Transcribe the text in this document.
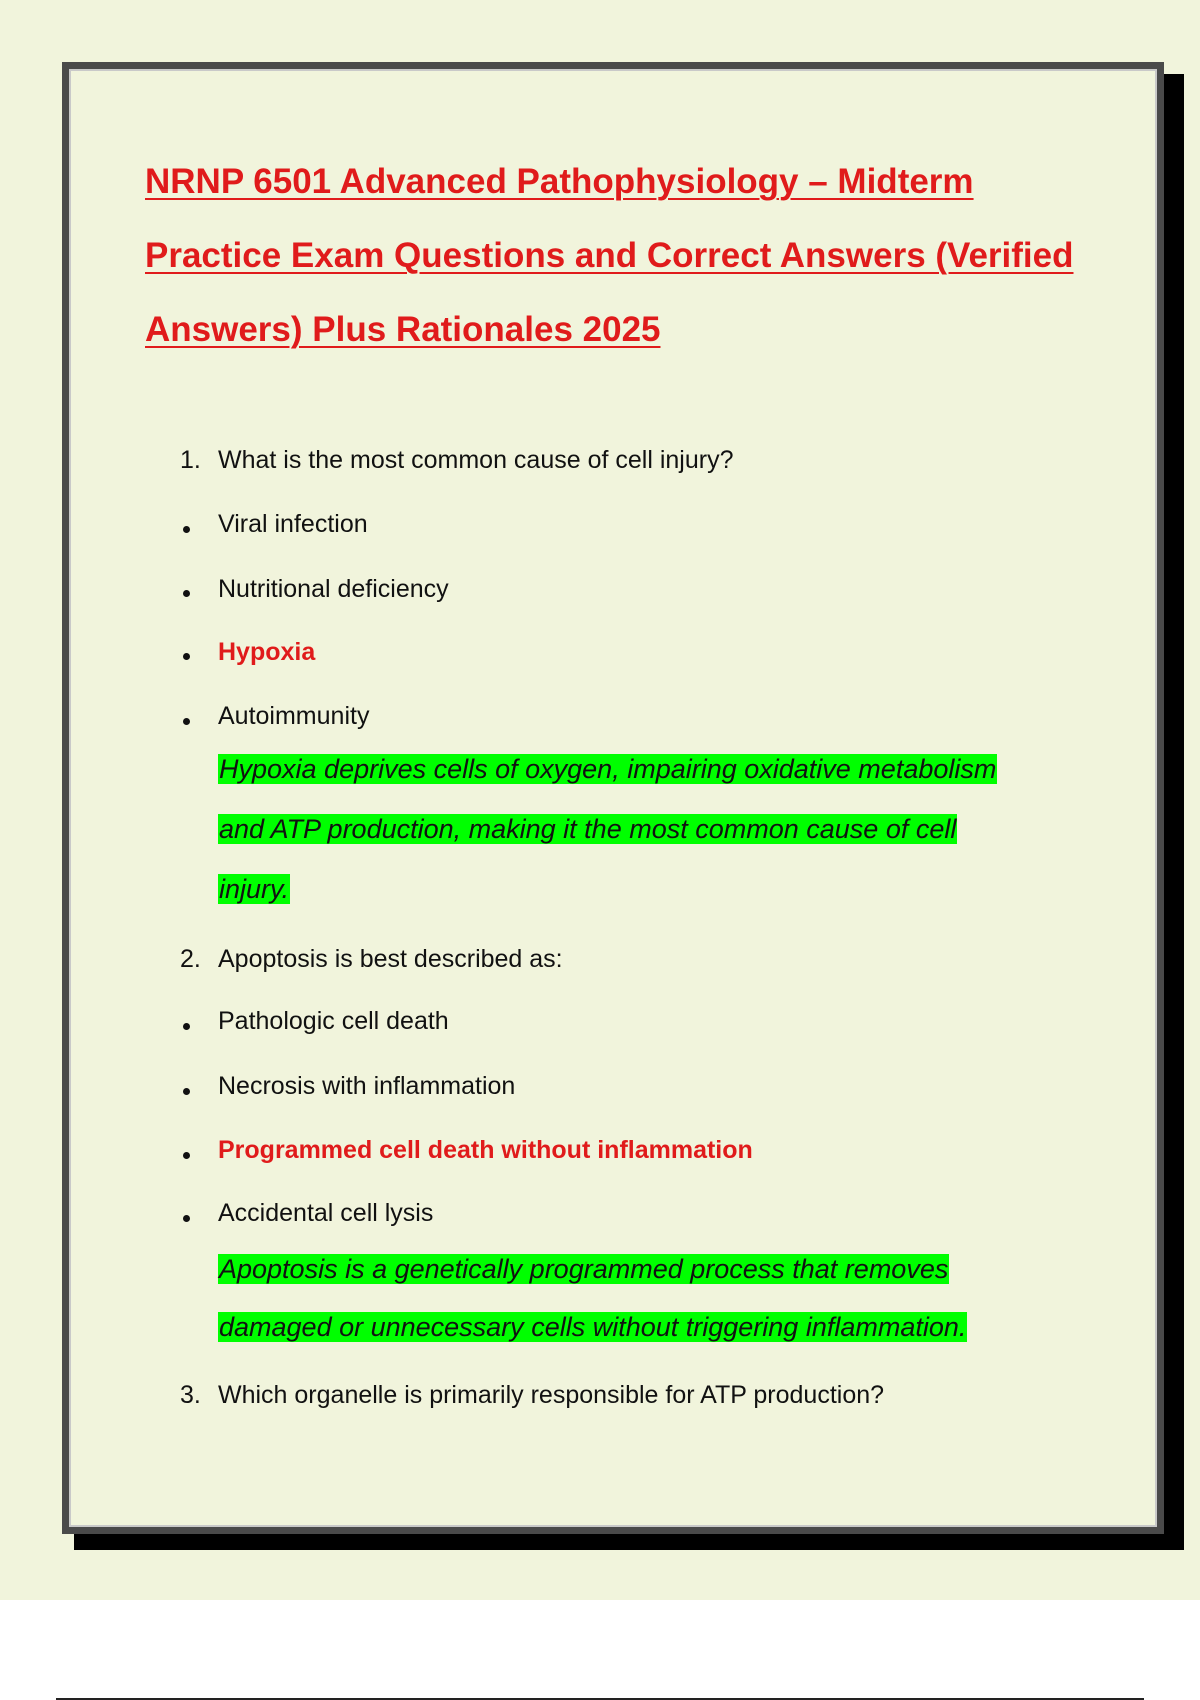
NRNP 6501 Advanced Pathophysiology – Midterm Practice Exam Questions and Correct Answers (Verified Answers) Plus Rationales 2025
1. What is the most common cause of cell injury?
Viral infection
Nutritional deficiency
Hypoxia
Autoimmunity
Hypoxia deprives cells of oxygen, impairing oxidative metabolism
and ATP production, making it the most common cause of cell
injury.
2. Apoptosis is best described as:
Pathologic cell death
Necrosis with inflammation
Programmed cell death without inflammation
Accidental cell lysis
Apoptosis is a genetically programmed process that removes
damaged or unnecessary cells without triggering inflammation.
3. Which organelle is primarily responsible for ATP production?
